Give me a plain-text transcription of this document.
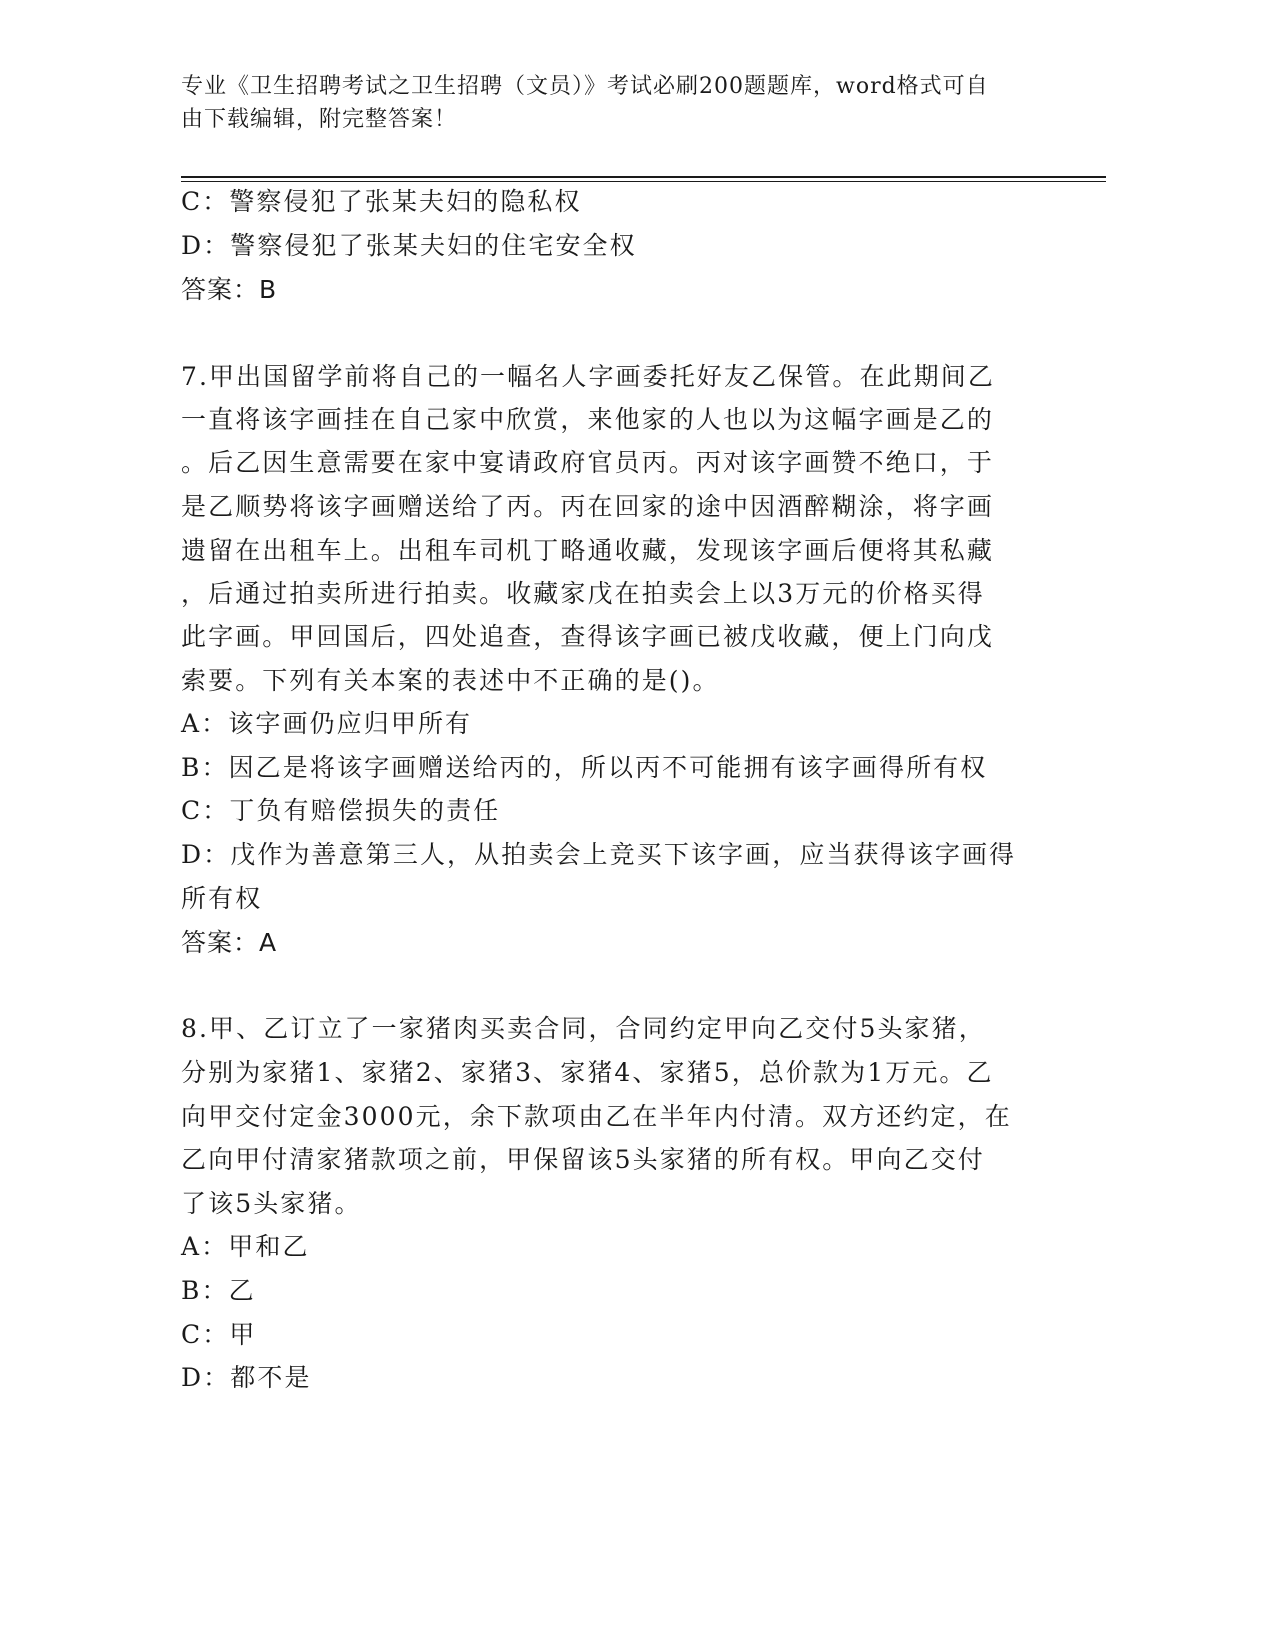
专业《卫生招聘考试之卫生招聘（文员）》考试必刷200题题库，word格式可自
由下载编辑，附完整答案！
C：警察侵犯了张某夫妇的隐私权
D：警察侵犯了张某夫妇的住宅安全权
答案：B
7.甲出国留学前将自己的一幅名人字画委托好友乙保管。在此期间乙
一直将该字画挂在自己家中欣赏，来他家的人也以为这幅字画是乙的
。后乙因生意需要在家中宴请政府官员丙。丙对该字画赞不绝口，于
是乙顺势将该字画赠送给了丙。丙在回家的途中因酒醉糊涂，将字画
遗留在出租车上。出租车司机丁略通收藏，发现该字画后便将其私藏
，后通过拍卖所进行拍卖。收藏家戊在拍卖会上以3万元的价格买得
此字画。甲回国后，四处追查，查得该字画已被戊收藏，便上门向戊
索要。下列有关本案的表述中不正确的是()。
A：该字画仍应归甲所有
B：因乙是将该字画赠送给丙的，所以丙不可能拥有该字画得所有权
C：丁负有赔偿损失的责任
D：戊作为善意第三人，从拍卖会上竞买下该字画，应当获得该字画得
所有权
答案：A
8.甲、乙订立了一家猪肉买卖合同，合同约定甲向乙交付5头家猪，
分别为家猪1、家猪2、家猪3、家猪4、家猪5，总价款为1万元。乙
向甲交付定金3000元，余下款项由乙在半年内付清。双方还约定，在
乙向甲付清家猪款项之前，甲保留该5头家猪的所有权。甲向乙交付
了该5头家猪。
A：甲和乙
B：乙
C：甲
D：都不是
